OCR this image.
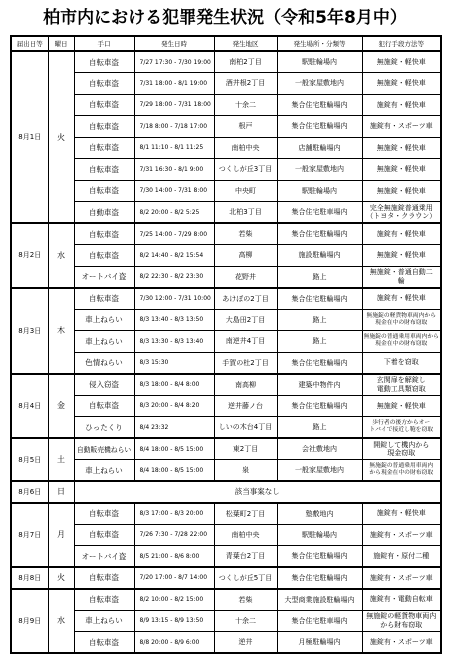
柏市内における犯罪発生状況（令和5年8月中）
届出日等	曜日	手口	発生日時	発生地区	発生場所・分類等	犯行手段方法等
8月1日	火	自転車盗	7/27 17:30 - 7/30 19:00	南柏2丁目	駅駐輪場内	無施錠・軽快車
		自転車盗	7/31 18:00 - 8/1 19:00	酒井根2丁目	一般家屋敷地内	無施錠・軽快車
		自転車盗	7/29 18:00 - 7/31 18:00	十余二	集合住宅駐輪場内	施錠有・軽快車
		自転車盗	7/18 8:00 - 7/18 17:00	根戸	集合住宅駐輪場内	施錠有・スポーツ車
		自転車盗	8/1 11:10 - 8/1 11:25	南柏中央	店舗駐輪場内	無施錠・軽快車
		自転車盗	7/31 16:30 - 8/1 9:00	つくしが丘3丁目	一般家屋敷地内	無施錠・軽快車
		自転車盗	7/30 14:00 - 7/31 8:00	中央町	駅駐輪場内	無施錠・軽快車
		自動車盗	8/2 20:00 - 8/2 5:25	北柏3丁目	集合住宅駐車場内	完全無施錠普通乗用
（トヨタ・クラウン）
8月2日	水	自転車盗	7/25 14:00 - 7/29 8:00	若柴	集合住宅駐輪場内	施錠有・軽快車
		自転車盗	8/2 14:40 - 8/2 15:54	高柳	施設駐輪場内	無施錠・軽快車
		オートバイ盗	8/2 22:30 - 8/2 23:30	花野井	路上	無施錠・普通自動二
輪
8月3日	木	自転車盗	7/30 12:00 - 7/31 10:00	あけぼの2丁目	集合住宅駐輪場内	施錠有・軽快車
		車上ねらい	8/3 13:40 - 8/3 13:50	大島田2丁目	路上	無施錠の軽貨物車両内から
現金在中の財布窃取
		車上ねらい	8/3 13:30 - 8/3 13:40	南逆井4丁目	路上	無施錠の普通乗用車両内から
現金在中の財布窃取
		色情ねらい	8/3 15:30	手賀の杜2丁目	集合住宅駐輪場内	下着を窃取
8月4日	金	侵入窃盗	8/3 18:00 - 8/4 8:00	南高柳	建築中物件内	玄関扉を解錠し
電動工具類窃取
		自転車盗	8/3 20:00 - 8/4 8:20	逆井藤ノ台	集合住宅駐輪場内	無施錠・軽快車
		ひったくり	8/4 23:32	しいの木台4丁目	路上	歩行者の後方からオー
トバイで接近し鞄を窃取
8月5日	土	自動販売機ねらい	8/4 18:00 - 8/5 15:00	東2丁目	会社敷地内	開錠して機内から
現金窃取
		車上ねらい	8/4 18:00 - 8/5 15:00	泉	一般家屋敷地内	無施錠の普通乗用車両内
から現金在中の財布窃取
8月6日	日	該当事案なし				
8月7日	月	自転車盗	8/3 17:00 - 8/3 20:00	松葉町2丁目	塾敷地内	施錠有・軽快車
		自転車盗	7/26 7:30 - 7/28 22:00	南柏中央	駅駐輪場内	施錠有・スポーツ車
		オートバイ盗	8/5 21:00 - 8/6 8:00	青葉台2丁目	集合住宅駐輪場内	施錠有・原付二種
8月8日	火	自転車盗	7/20 17:00 - 8/7 14:00	つくしが丘5丁目	集合住宅駐輪場内	施錠有・スポーツ車
8月9日	水	自転車盗	8/2 10:00 - 8/2 15:00	若柴	大型商業施設駐輪場内	施錠有・電動自転車
		車上ねらい	8/9 13:15 - 8/9 13:50	十余二	集合住宅駐車場内	無施錠の軽貨物車両内
から財布窃取
		自転車盗	8/8 20:00 - 8/9 6:00	逆井	月極駐輪場内	施錠有・スポーツ車
